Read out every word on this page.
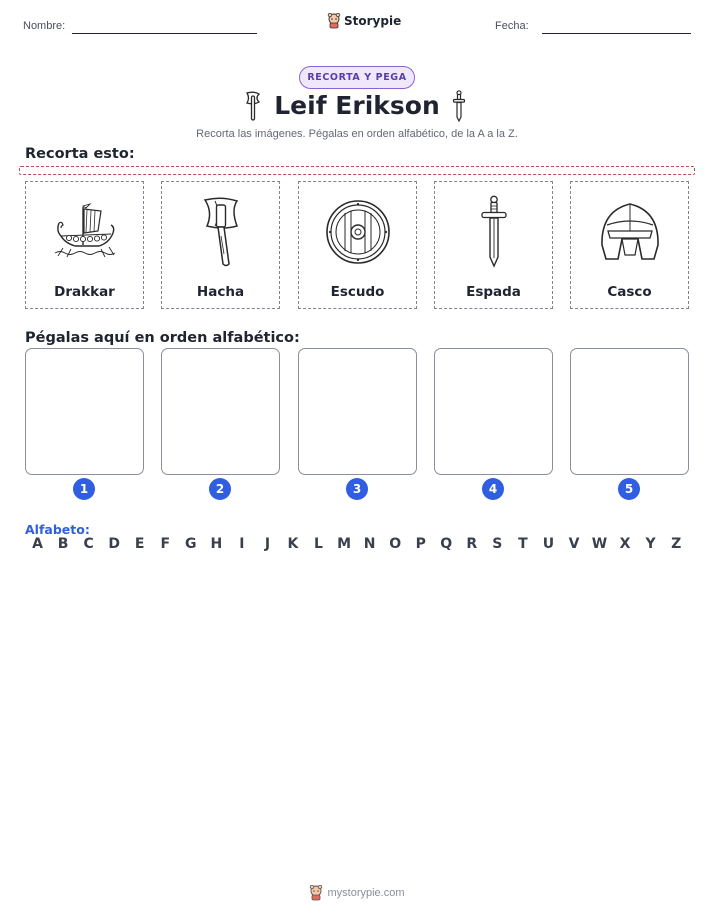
Nombre:	Storypie	Fecha:
RECORTA Y PEGA
Leif Erikson
Recorta las imágenes. Pégalas en orden alfabético, de la A a la Z.
Recorta esto:
Drakkar	Hacha	Escudo	Espada	Casco
Pégalas aquí en orden alfabético:
1	2	3	4	5
Alfabeto:
A	B	C	D	E	F	G H	I	J	K	L	M N O	P	Q	R	S	T	U	V W X	Y	Z
mystorypie.com
